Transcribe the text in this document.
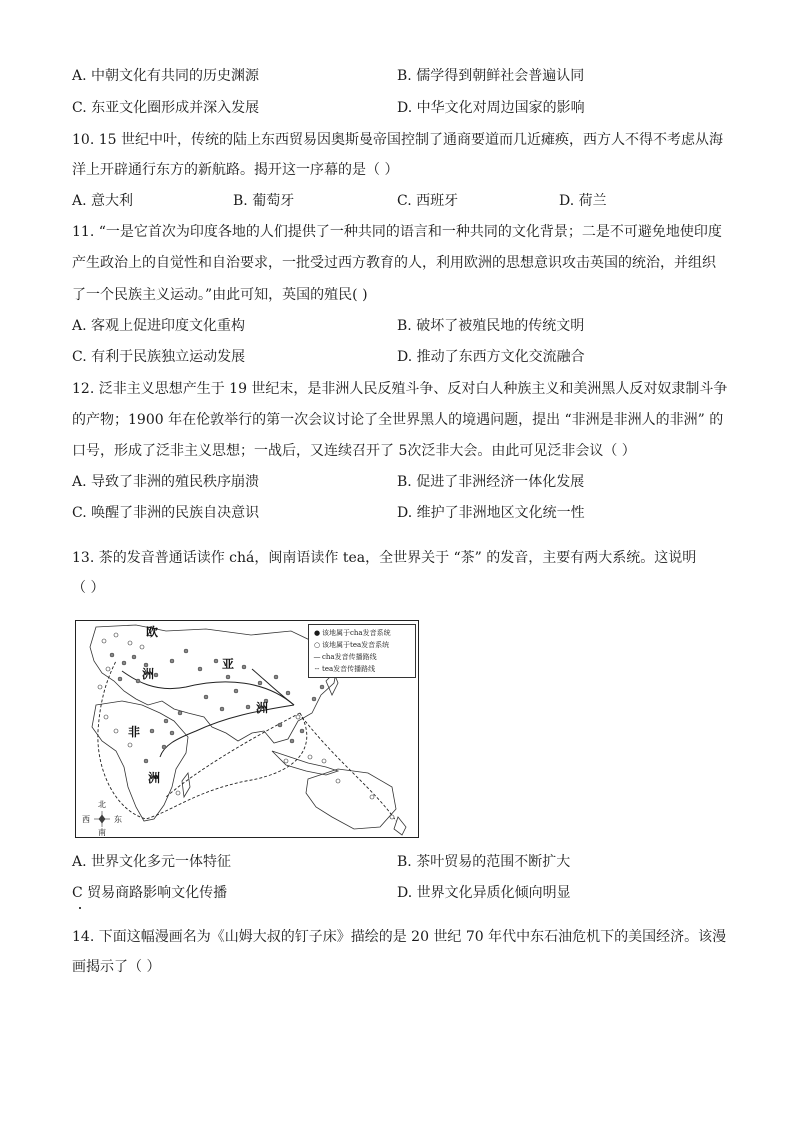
A. 中朝文化有共同的历史渊源	B. 儒学得到朝鲜社会普遍认同
C. 东亚文化圈形成并深入发展	D. 中华文化对周边国家的影响
10. 15 世纪中叶，传统的陆上东西贸易因奥斯曼帝国控制了通商要道而几近瘫痪，西方人不得不考虑从海
洋上开辟通行东方的新航路。揭开这一序幕的是（ ）
A. 意大利	B. 葡萄牙	C. 西班牙	D. 荷兰
11. “一是它首次为印度各地的人们提供了一种共同的语言和一种共同的文化背景；二是不可避免地使印度
产生政治上的自觉性和自治要求，一批受过西方教育的人，利用欧洲的思想意识攻击英国的统治，并组织
了一个民族主义运动。”由此可知，英国的殖民( )
A. 客观上促进印度文化重构	B. 破坏了被殖民地的传统文明
C. 有利于民族独立运动发展	D. 推动了东西方文化交流融合
12. 泛非主义思想产生于 19 世纪末，是非洲人民反殖斗争、反对白人种族主义和美洲黑人反对奴隶制斗争
的产物；1900 年在伦敦举行的第一次会议讨论了全世界黑人的境遇问题，提出 “非洲是非洲人的非洲” 的
口号，形成了泛非主义思想；一战后，又连续召开了 5次泛非大会。由此可见泛非会议（ ）
A. 导致了非洲的殖民秩序崩溃	B. 促进了非洲经济一体化发展
C. 唤醒了非洲的民族自决意识	D. 维护了非洲地区文化统一性
13. 茶的发音普通话读作 chá，闽南语读作 tea，全世界关于 “茶” 的发音，主要有两大系统。这说明
（ ）
欧
洲
亚
洲
非
洲
北
西	东
南
● 该地属于cha发音系统
○ 该地属于tea发音系统
— cha发音传播路线
-- tea发音传播路线
A. 世界文化多元一体特征	B. 茶叶贸易的范围不断扩大
C 贸易商路影响文化传播	D. 世界文化异质化倾向明显
14. 下面这幅漫画名为《山姆大叔的钉子床》描绘的是 20 世纪 70 年代中东石油危机下的美国经济。该漫
画揭示了（ ）
